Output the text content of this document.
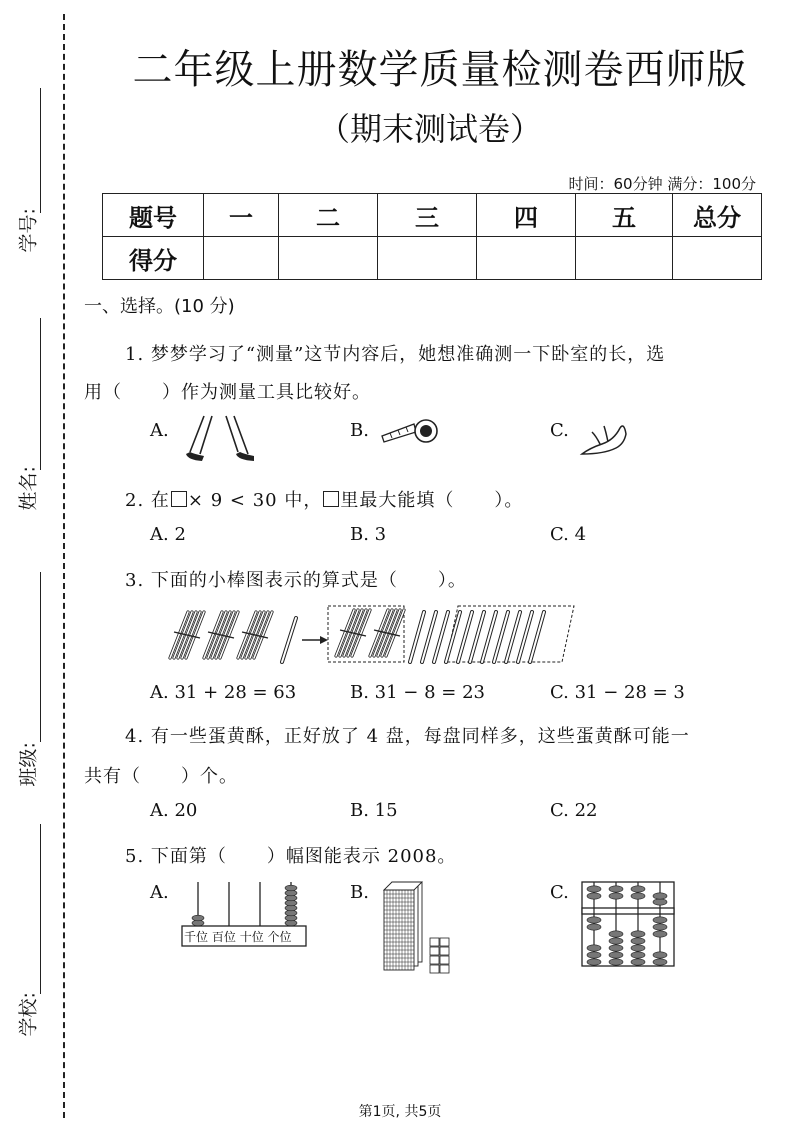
学号:
姓名:
班级:
学校:
二年级上册数学质量检测卷西师版
（期末测试卷）
时间：60分钟 满分：100分
题号	一	二	三	四	五	总分
得分						
一、选择。(10 分)
1. 梦梦学习了“测量”这节内容后，她想准确测一下卧室的长，选
用（ ）作为测量工具比较好。
A.	B.	C.
2. 在 × 9 < 30 中， 里最大能填（ ）。
A. 2	B. 3	C. 4
3. 下面的小棒图表示的算式是（ ）。
A. 31 + 28 = 63	B. 31 − 8 = 23	C. 31 − 28 = 3
4. 有一些蛋黄酥，正好放了 4 盘，每盘同样多，这些蛋黄酥可能一
共有（ ）个。
A. 20	B. 15	C. 22
5. 下面第（ ）幅图能表示 2008。
A.	B.	C.
千位 百位 十位 个位
第1页, 共5页
